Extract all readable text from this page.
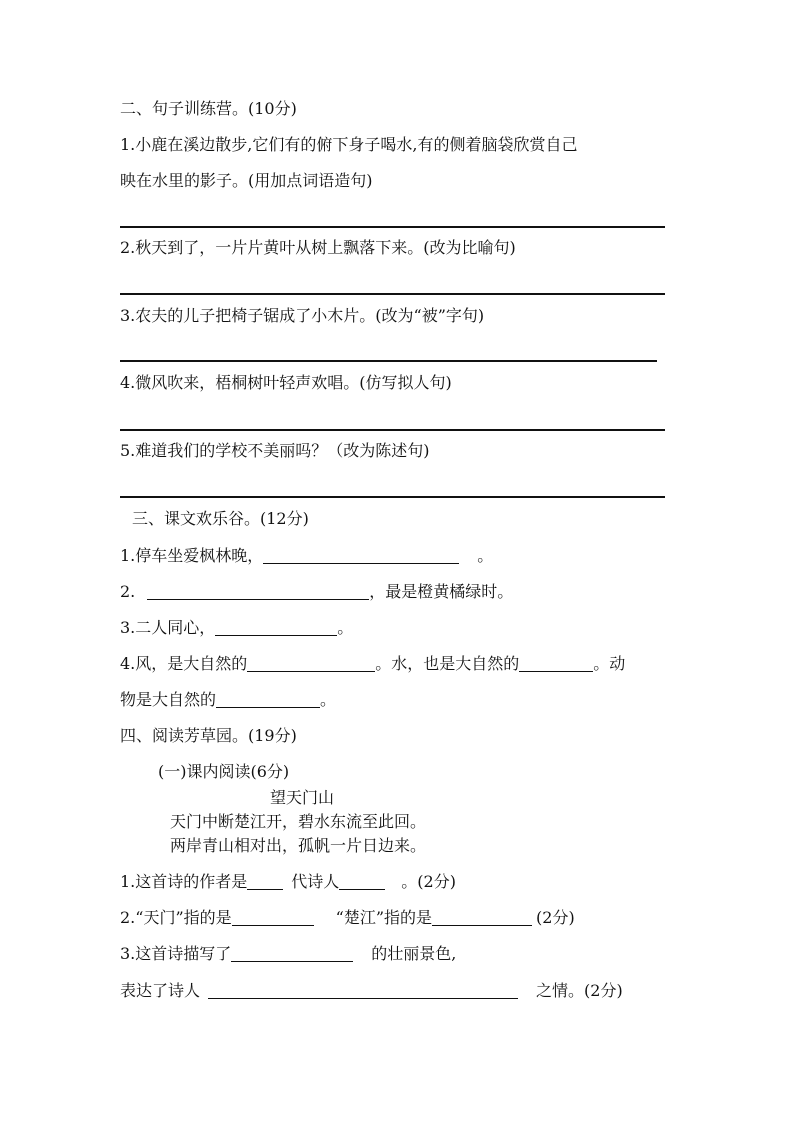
二、句子训练营。(10分)
1.小鹿在溪边散步,它们有的俯下身子喝水,有的侧着脑袋欣赏自己
映在水里的影子。(用加点词语造句)
2.秋天到了，一片片黄叶从树上飘落下来。(改为比喻句)
3.农夫的儿子把椅子锯成了小木片。(改为“被”字句)
4.微风吹来，梧桐树叶轻声欢唱。(仿写拟人句)
5.难道我们的学校不美丽吗？（改为陈述句)
三、课文欢乐谷。(12分)
1.停车坐爱枫林晚，	。
2.	，最是橙黄橘绿时。
3.二人同心，	。
4.风，是大自然的	。水，也是大自然的	。动
物是大自然的	。
四、阅读芳草园。(19分)
(一)课内阅读(6分)
望天门山
天门中断楚江开，碧水东流至此回。
两岸青山相对出，孤帆一片日边来。
1.这首诗的作者是	代诗人	。(2分)
2.“天门”指的是	“楚江”指的是	(2分)
3.这首诗描写了	的壮丽景色,
表达了诗人	之情。(2分)
